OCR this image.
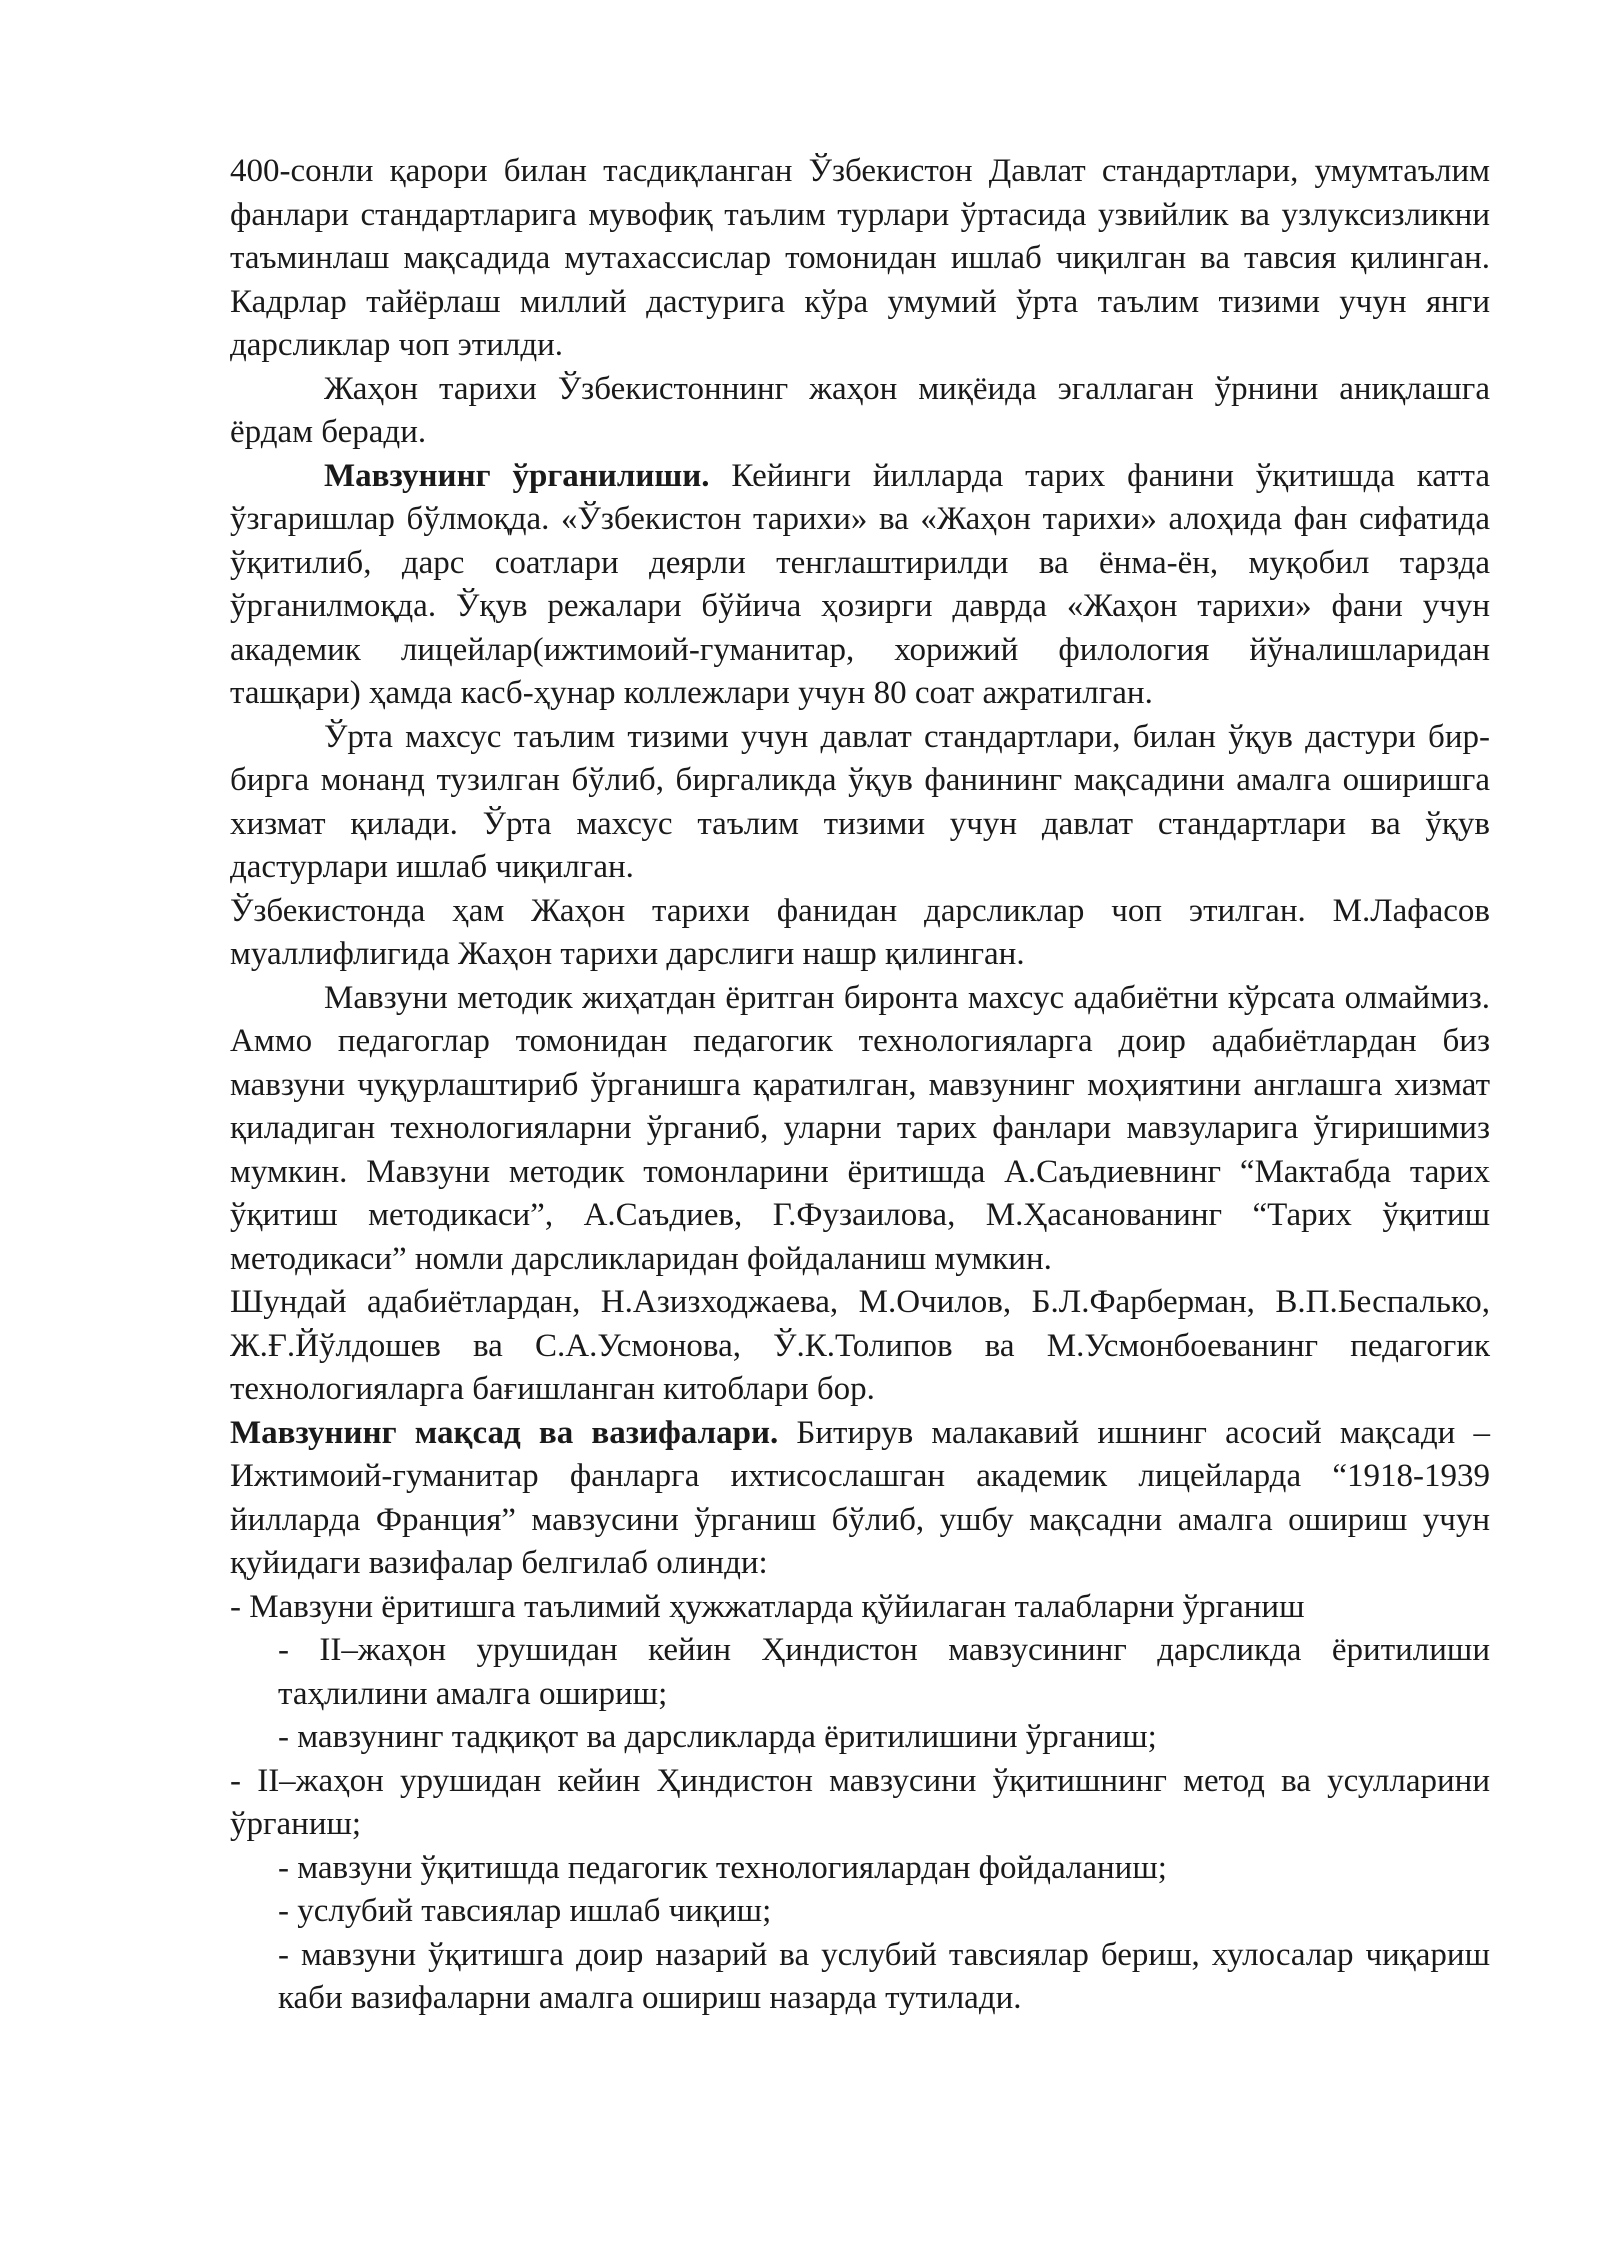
400-сонли қарори билан тасдиқланган Ўзбекистон Давлат стандартлари, умумтаълим фанлари стандартларига мувофиқ таълим турлари ўртасида узвийлик ва узлуксизликни таъминлаш мақсадида мутахассислар томонидан ишлаб чиқилган ва тавсия қилинган. Кадрлар тайёрлаш миллий дастурига кўра умумий ўрта таълим тизими учун янги дарсликлар чоп этилди.

Жаҳон тарихи Ўзбекистоннинг жаҳон миқёида эгаллаган ўрнини аниқлашга ёрдам беради.

Мавзунинг ўрганилиши. Кейинги йилларда тарих фанини ўқитишда катта ўзгаришлар бўлмоқда. «Ўзбекистон тарихи» ва «Жаҳон тарихи» алоҳида фан сифатида ўқитилиб, дарс соатлари деярли тенглаштирилди ва ёнма-ён, муқобил тарзда ўрганилмоқда. Ўқув режалари бўйича ҳозирги даврда «Жаҳон тарихи» фани учун академик лицейлар(ижтимоий-гуманитар, хорижий филология йўналишларидан ташқари) ҳамда касб-ҳунар коллежлари учун 80 соат ажратилган.

Ўрта махсус таълим тизими учун давлат стандартлари, билан ўқув дастури бир-бирга монанд тузилган бўлиб, биргаликда ўқув фанининг мақсадини амалга оширишга хизмат қилади. Ўрта махсус таълим тизими учун давлат стандартлари ва ўқув дастурлари ишлаб чиқилган.

Ўзбекистонда ҳам Жаҳон тарихи фанидан дарсликлар чоп этилган. М.Лафасов муаллифлигида Жаҳон тарихи дарслиги нашр қилинган.

Мавзуни методик жиҳатдан ёритган биронта махсус адабиётни кўрсата олмаймиз. Аммо педагоглар томонидан педагогик технологияларга доир адабиётлардан биз мавзуни чуқурлаштириб ўрганишга қаратилган, мавзунинг моҳиятини англашга хизмат қиладиган технологияларни ўрганиб, уларни тарих фанлари мавзуларига ўгиришимиз мумкин. Мавзуни методик томонларини ёритишда А.Саъдиевнинг “Мактабда тарих ўқитиш методикаси”, А.Саъдиев, Г.Фузаилова, М.Ҳасанованинг “Тарих ўқитиш методикаси” номли дарсликларидан фойдаланиш мумкин.

Шундай адабиётлардан, Н.Азизходжаева, М.Очилов, Б.Л.Фарберман, В.П.Беспалько, Ж.Ғ.Йўлдошев ва С.А.Усмонова, Ў.К.Толипов ва М.Усмонбоеванинг педагогик технологияларга бағишланган китоблари бор.

Мавзунинг мақсад ва вазифалари. Битирув малакавий ишнинг асосий мақсади – Ижтимоий-гуманитар фанларга ихтисослашган академик лицейларда “1918-1939 йилларда Франция” мавзусини ўрганиш бўлиб, ушбу мақсадни амалга ошириш учун қуйидаги вазифалар белгилаб олинди:

- Мавзуни ёритишга таълимий ҳужжатларда қўйилаган талабларни ўрганиш

- II–жаҳон урушидан кейин Ҳиндистон мавзусининг дарсликда ёритилиши таҳлилини амалга ошириш;

- мавзунинг тадқиқот ва дарсликларда ёритилишини ўрганиш;

- II–жаҳон урушидан кейин Ҳиндистон мавзусини ўқитишнинг метод ва усулларини ўрганиш;

- мавзуни ўқитишда педагогик технологиялардан фойдаланиш;

- услубий тавсиялар ишлаб чиқиш;

- мавзуни ўқитишга доир назарий ва услубий тавсиялар бериш, хулосалар чиқариш каби вазифаларни амалга ошириш назарда тутилади.
